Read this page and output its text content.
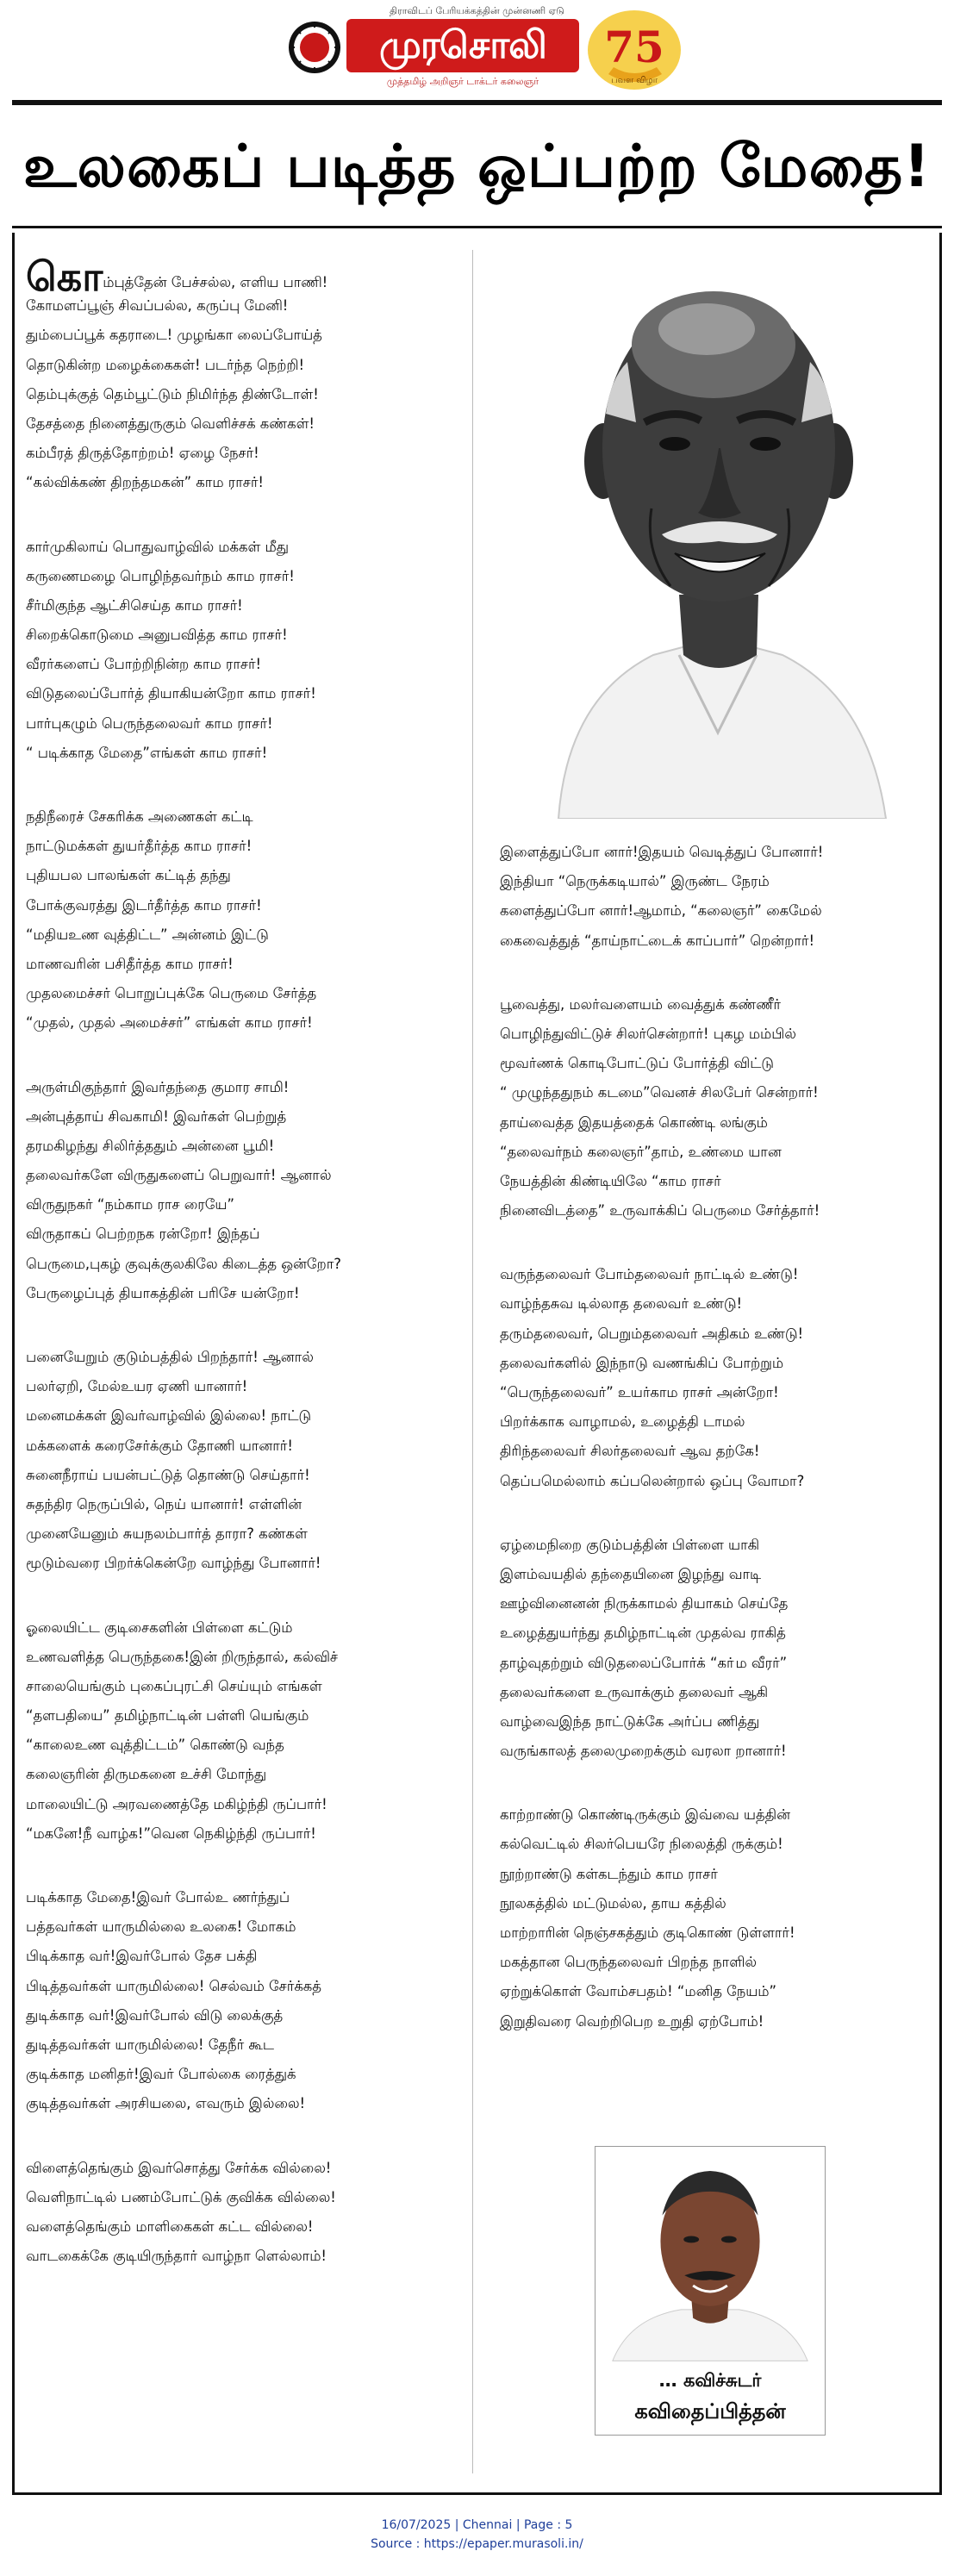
திராவிடப் பேரியக்கத்தின் முன்னணி ஏடு
முரசொலி
முத்தமிழ் அறிஞர் டாக்டர் கலைஞர்
75
பவள விழா
உலகைப் படித்த ஒப்பற்ற மேதை!
கொம்புத்தேன் பேச்சல்ல, எளிய பாணி!
கோமளப்பூஞ் சிவப்பல்ல, கருப்பு மேனி!
தும்பைப்பூக் கதராடை! முழங்கா லைப்போய்த்
தொடுகின்ற மழைக்கைகள்! படர்ந்த நெற்றி!
தெம்புக்குத் தெம்பூட்டும் நிமிர்ந்த திண்டோள்!
தேசத்தை நினைத்துருகும் வெளிச்சக் கண்கள்!
கம்பீரத் திருத்தோற்றம்! ஏழை நேசர்!
“கல்விக்கண் திறந்தமகன்” காம ராசர்!
கார்முகிலாய் பொதுவாழ்வில் மக்கள் மீது
கருணைமழை பொழிந்தவர்நம் காம ராசர்!
சீர்மிகுந்த ஆட்சிசெய்த காம ராசர்!
சிறைக்கொடுமை அனுபவித்த காம ராசர்!
வீரர்களைப் போற்றிநின்ற காம ராசர்!
விடுதலைப்போர்த் தியாகியன்றோ காம ராசர்!
பார்புகழும் பெருந்தலைவர் காம ராசர்!
“ படிக்காத மேதை”எங்கள் காம ராசர்!
நதிநீரைச் சேகரிக்க அணைகள் கட்டி
நாட்டுமக்கள் துயர்தீர்த்த காம ராசர்!
புதியபல பாலங்கள் கட்டித் தந்து
போக்குவரத்து இடர்தீர்த்த காம ராசர்!
“மதியஉண வுத்திட்ட” அன்னம் இட்டு
மாணவரின் பசிதீர்த்த காம ராசர்!
முதலமைச்சர் பொறுப்புக்கே பெருமை சேர்த்த
“முதல், முதல் அமைச்சர்” எங்கள் காம ராசர்!
அருள்மிகுந்தார் இவர்தந்தை குமார சாமி!
அன்புத்தாய் சிவகாமி! இவர்கள் பெற்றுத்
தரமகிழந்து சிலிர்த்ததும் அன்னை பூமி!
தலைவர்களே விருதுகளைப் பெறுவார்! ஆனால்
விருதுநகர் “நம்காம ராச ரையே”
விருதாகப் பெற்றநக ரன்றோ! இந்தப்
பெருமை,புகழ் குவுக்குலகிலே கிடைத்த ஒன்றோ?
பேருழைப்புத் தியாகத்தின் பரிசே யன்றோ!
பனையேறும் குடும்பத்தில் பிறந்தார்! ஆனால்
பலர்ஏறி, மேல்உயர ஏணி யானார்!
மனைமக்கள் இவர்வாழ்வில் இல்லை! நாட்டு
மக்களைக் கரைசேர்க்கும் தோணி யானார்!
சுனைநீராய் பயன்பட்டுத் தொண்டு செய்தார்!
சுதந்திர நெருப்பில், நெய் யானார்! எள்ளின்
முனையேனும் சுயநலம்பார்த் தாரா? கண்கள்
மூடும்வரை பிறர்க்கென்றே வாழ்ந்து போனார்!
ஓலையிட்ட குடிசைகளின் பிள்ளை கட்டும்
உணவளித்த பெருந்தகை!இன் றிருந்தால், கல்விச்
சாலையெங்கும் புகைப்புரட்சி செய்யும் எங்கள்
“தளபதியை” தமிழ்நாட்டின் பள்ளி யெங்கும்
“காலைஉண வுத்திட்டம்” கொண்டு வந்த
கலைஞரின் திருமகனை உச்சி மோந்து
மாலையிட்டு அரவணைத்தே மகிழ்ந்தி ருப்பார்!
“மகனே!நீ வாழ்க!”வென நெகிழ்ந்தி ருப்பார்!
படிக்காத மேதை!இவர் போல்உ ணர்ந்துப்
பத்தவர்கள் யாருமில்லை உலகை! மோகம்
பிடிக்காத வர்!இவர்போல் தேச பக்தி
பிடித்தவர்கள் யாருமில்லை! செல்வம் சேர்க்கத்
துடிக்காத வர்!இவர்போல் விடு லைக்குத்
துடித்தவர்கள் யாருமில்லை! தேநீர் கூட
குடிக்காத மனிதர்!இவர் போல்கை ரைத்துக்
குடித்தவர்கள் அரசியலை, எவரும் இல்லை!
விளைத்தெங்கும் இவர்சொத்து சேர்க்க வில்லை!
வெளிநாட்டில் பணம்போட்டுக் குவிக்க வில்லை!
வளைத்தெங்கும் மாளிகைகள் கட்ட வில்லை!
வாடகைக்கே குடியிருந்தார் வாழ்நா ளெல்லாம்!
இளைத்துப்போ னார்!இதயம் வெடித்துப் போனார்!
இந்தியா “நெருக்கடியால்” இருண்ட நேரம்
களைத்துப்போ னார்!ஆமாம், “கலைஞர்” கைமேல்
கைவைத்துத் “தாய்நாட்டைக் காப்பார்” றென்றார்!
பூவைத்து, மலர்வளையம் வைத்துக் கண்ணீர்
பொழிந்துவிட்டுச் சிலர்சென்றார்! புகழ மம்பில்
மூவர்ணக் கொடிபோட்டுப் போர்த்தி விட்டு
“ முழுந்ததுநம் கடமை”வெனச் சிலபேர் சென்றார்!
தாய்வைத்த இதயத்தைக் கொண்டி லங்கும்
“தலைவர்நம் கலைஞர்”தாம், உண்மை யான
நேயத்தின் கிண்டியிலே “காம ராசர்
நினைவிடத்தை” உருவாக்கிப் பெருமை சேர்த்தார்!
வருந்தலைவர் போம்தலைவர் நாட்டில் உண்டு!
வாழ்ந்தசுவ டில்லாத தலைவர் உண்டு!
தரும்தலைவர், பெறும்தலைவர் அதிகம் உண்டு!
தலைவர்களில் இந்நாடு வணங்கிப் போற்றும்
“பெருந்தலைவர்” உயர்காம ராசர் அன்றோ!
பிறர்க்காக வாழாமல், உழைத்தி டாமல்
திரிந்தலைவர் சிலர்தலைவர் ஆவ தற்கே!
தெப்பமெல்லாம் கப்பலென்றால் ஒப்பு வோமா?
ஏழ்மைநிறை குடும்பத்தின் பிள்ளை யாகி
இளம்வயதில் தந்தையினை இழந்து வாடி
ஊழ்வினைனன் நிருக்காமல் தியாகம் செய்தே
உழைத்துயர்ந்து தமிழ்நாட்டின் முதல்வ ராகித்
தாழ்வுதற்றும் விடுதலைப்போர்க் “கா்ம வீரர்”
தலைவர்களை உருவாக்கும் தலைவர் ஆகி
வாழ்வைஇந்த நாட்டுக்கே அர்ப்ப ணித்து
வருங்காலத் தலைமுறைக்கும் வரலா றானார்!
காற்றாண்டு கொண்டிருக்கும் இவ்வை யத்தின்
கல்வெட்டில் சிலர்பெயரே நிலைத்தி ருக்கும்!
நூற்றாண்டு கள்கடந்தும் காம ராசர்
நூலகத்தில் மட்டுமல்ல, தாய கத்தில்
மாற்றாரின் நெஞ்சகத்தும் குடிகொண் டுள்ளார்!
மகத்தான பெருந்தலைவர் பிறந்த நாளில்
ஏற்றுக்கொள் வோம்சபதம்! “மனித நேயம்”
இறுதிவரை வெற்றிபெற உறுதி ஏற்போம்!
… கவிச்சுடர்
கவிதைப்பித்தன்
16/07/2025 | Chennai | Page : 5
Source : https://epaper.murasoli.in/
